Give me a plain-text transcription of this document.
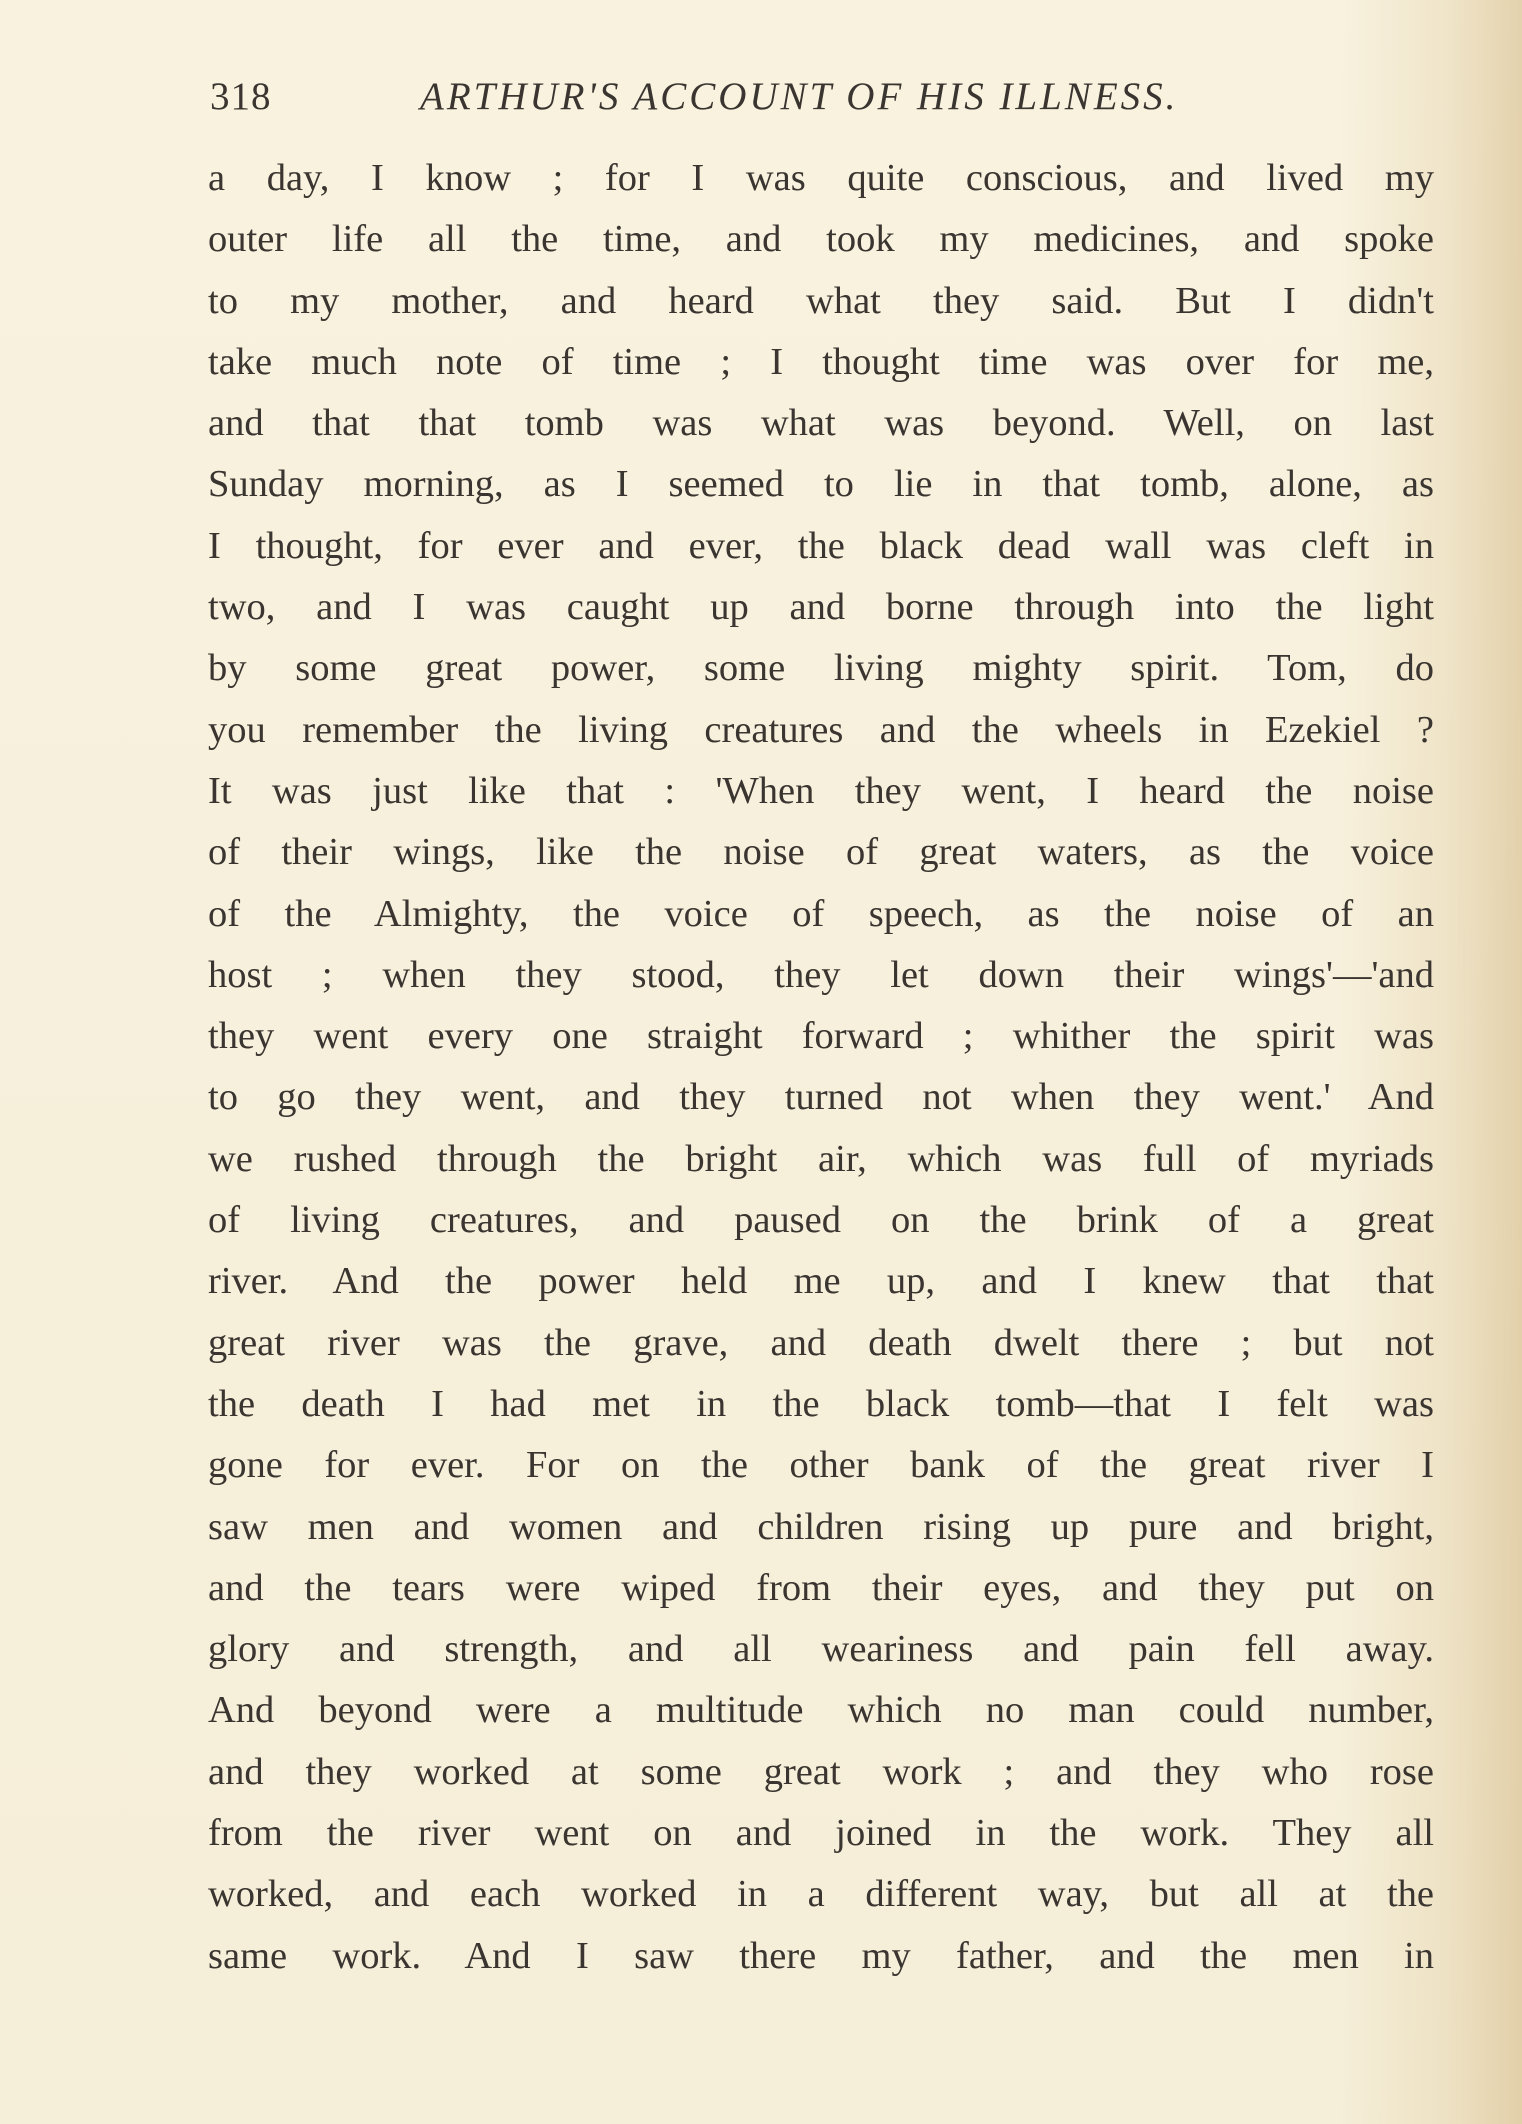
318	ARTHUR'S ACCOUNT OF HIS ILLNESS.
a day, I know ; for I was quite conscious, and lived my
outer life all the time, and took my medicines, and spoke
to my mother, and heard what they said. But I didn't
take much note of time ; I thought time was over for me,
and that that tomb was what was beyond. Well, on last
Sunday morning, as I seemed to lie in that tomb, alone, as
I thought, for ever and ever, the black dead wall was cleft in
two, and I was caught up and borne through into the light
by some great power, some living mighty spirit. Tom, do
you remember the living creatures and the wheels in Ezekiel ?
It was just like that : 'When they went, I heard the noise
of their wings, like the noise of great waters, as the voice
of the Almighty, the voice of speech, as the noise of an
host ; when they stood, they let down their wings'—'and
they went every one straight forward ; whither the spirit was
to go they went, and they turned not when they went.' And
we rushed through the bright air, which was full of myriads
of living creatures, and paused on the brink of a great
river. And the power held me up, and I knew that that
great river was the grave, and death dwelt there ; but not
the death I had met in the black tomb—that I felt was
gone for ever. For on the other bank of the great river I
saw men and women and children rising up pure and bright,
and the tears were wiped from their eyes, and they put on
glory and strength, and all weariness and pain fell away.
And beyond were a multitude which no man could number,
and they worked at some great work ; and they who rose
from the river went on and joined in the work. They all
worked, and each worked in a different way, but all at the
same work. And I saw there my father, and the men in
